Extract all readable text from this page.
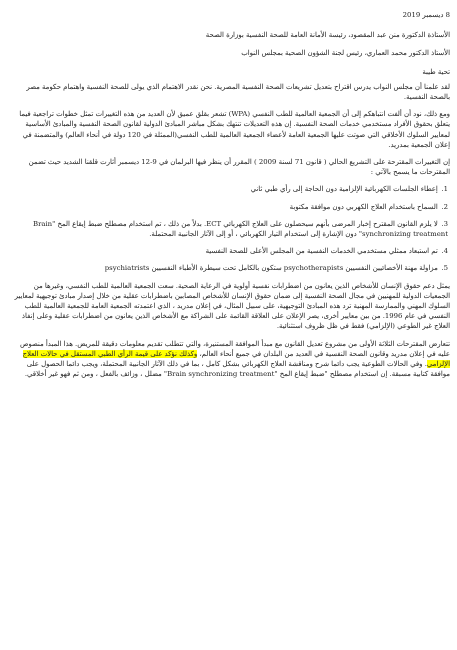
8 ديسمبر 2019
الأستاذة الدكتورة منن عبد المقصود، رئيسة الأمانة العامة للصحة النفسية بوزارة الصحة
الأستاذ الدكتور محمد العماري، رئيس لجنة الشؤون الصحية بمجلس النواب
تحية طيبة
لقد علمنا أن مجلس النواب يدرس اقتراح بتعديل تشريعات الصحة النفسية المصرية. نحن نقدر الاهتمام الذي يولى للصحة النفسية واهتمام حكومة مصر بالصحة النفسية.
ومع ذلك، نود أن ألفت انتباهكم إلى أن الجمعية العالمية للطب النفسي (WPA) تشعر بقلق عميق لأن العديد من هذه التغييرات تمثل خطوات تراجعية فيما يتعلق بحقوق الأفراد مستخدمي خدمات الصحة النفسية. إن هذه التعديلات تنتهك بشكل مباشر المبادئ الدولية لقانون الصحة النفسية والمبادئ الأساسية لمعايير السلوك الأخلاقي التي صوتت عليها الجمعية العامة لأعضاء الجمعية العالمية للطب النفسي(الممثلة في 120 دولة في أنحاء العالم) والمتضمنة في إعلان الجمعية بمدريد.
إن التغييرات المقترحة على التشريع الحالي ( قانون 71 لسنة 2009 ) المقرر أن ينظر فيها البرلمان في 9-12 ديسمبر أثارت قلقنا الشديد حيث تضمن المقترحات ما يسمح بالآتي :
1. إعطاء الجلسات الكهربائية الإلزامية دون الحاجة إلى رأي طبي ثاني
2. السماح باستخدام العلاج الكهربي دون موافقة مكتوبة
3. لا يلزم القانون المقترح إخبار المرضى بأنهم سيحصلون على العلاج الكهربائي ECT. بدلاً من ذلك ، تم استخدام مصطلح ضبط إيقاع المخ "Brain synchronizing treatment" دون الإشارة إلى استخدام التيار الكهربائي ، أو إلى الآثار الجانبية المحتملة.
4. تم استبعاد ممثلي مستخدمي الخدمات النفسية من المجلس الأعلى للصحة النفسية
5. مزاولة مهنة الأخصائيين النفسيين psychotherapists ستكون بالكامل تحت سيطرة الأطباء النفسيين psychiatrists
يمثل دعم حقوق الإنسان للأشخاص الذين يعانون من اضطرابات نفسية أولوية في الرعاية الصحية. سعت الجمعية العالمية للطب النفسي، وغيرها من الجمعيات الدولية للمهنيين في مجال الصحة النفسية إلى ضمان حقوق الإنسان للأشخاص المصابين باضطرابات عقلية من خلال إصدار مبادئ توجيهية لمعايير السلوك المهني والممارسة المهنية ترد هذه المبادئ التوجيهية، على سبيل المثال، في إعلان مدريد ، الذي اعتمدته الجمعية العامة للجمعية العالمية للطب النفسي في عام 1996. من بين معايير أخرى، يصر الإعلان على العلاقة القائمة على الشراكة مع الأشخاص الذين يعانون من اضطرابات عقلية وعلى إنفاذ العلاج غير الطوعي (الإلزامي) فقط في ظل ظروف استثنائية.
تتعارض المقترحات الثلاثة الأولى من مشروع تعديل القانون مع مبدأ الموافقة المستنيرة، والتي تتطلب تقديم معلومات دقيقة للمريض. هذا المبدأ منصوص عليه في إعلان مدريد وقانون الصحة النفسية في العديد من البلدان في جميع أنحاء العالم، وكذلك نؤكد على قيمة الرأي الطبي المستقل في حالات العلاج الإلزامي. وفي الحالات الطوعية يجب دائما شرح ومناقشة العلاج الكهربائي بشكل كامل ، بما في ذلك الآثار الجانبية المحتملة، ويجب دائما الحصول على موافقة كتابية مسبقة. إن استخدام مصطلح "ضبط إيقاع المخ "Brain synchronizing treatment" مضلل ، وزائف بالفعل ، ومن ثم فهو غير أخلاقي.
